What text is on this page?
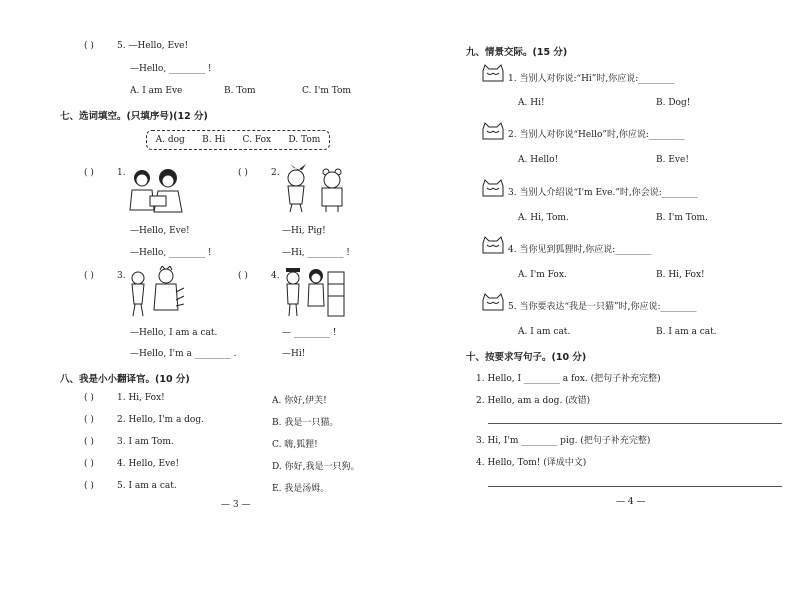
( )	5. —Hello, Eve!
—Hello, ________ !
A. I am Eve	B. Tom	C. I'm Tom
七、选词填空。(只填序号)(12 分)
A. dog B. Hi C. Fox D. Tom
( )	1.
—Hello, Eve!
—Hello, ________ !
( )	2.
—Hi, Pig!
—Hi, ________ !
( )	3.
—Hello, I am a cat.
—Hello, I'm a ________ .
( )	4.
— ________ !
—Hi!
八、我是小小翻译官。(10 分)
( )	1. Hi, Fox!	A. 你好,伊芙!
( )	2. Hello, I'm a dog.	B. 我是一只猫。
( )	3. I am Tom.	C. 嗨,狐狸!
( )	4. Hello, Eve!	D. 你好,我是一只狗。
( )	5. I am a cat.	E. 我是汤姆。
— 3 —
九、情景交际。(15 分)
1. 当别人对你说:“Hi”时,你应说:________
A. Hi!	B. Dog!
2. 当别人对你说“Hello”时,你应说:________
A. Hello!	B. Eve!
3. 当别人介绍说“I'm Eve.”时,你会说:________
A. Hi, Tom.	B. I'm Tom.
4. 当你见到狐狸时,你应说:________
A. I'm Fox.	B. Hi, Fox!
5. 当你要表达“我是一只猫”时,你应说:________
A. I am cat.	B. I am a cat.
十、按要求写句子。(10 分)
1. Hello, I ________ a fox. (把句子补充完整)
2. Hello, am a dog. (改错)
3. Hi, I'm ________ pig. (把句子补充完整)
4. Hello, Tom! (译成中文)
— 4 —
